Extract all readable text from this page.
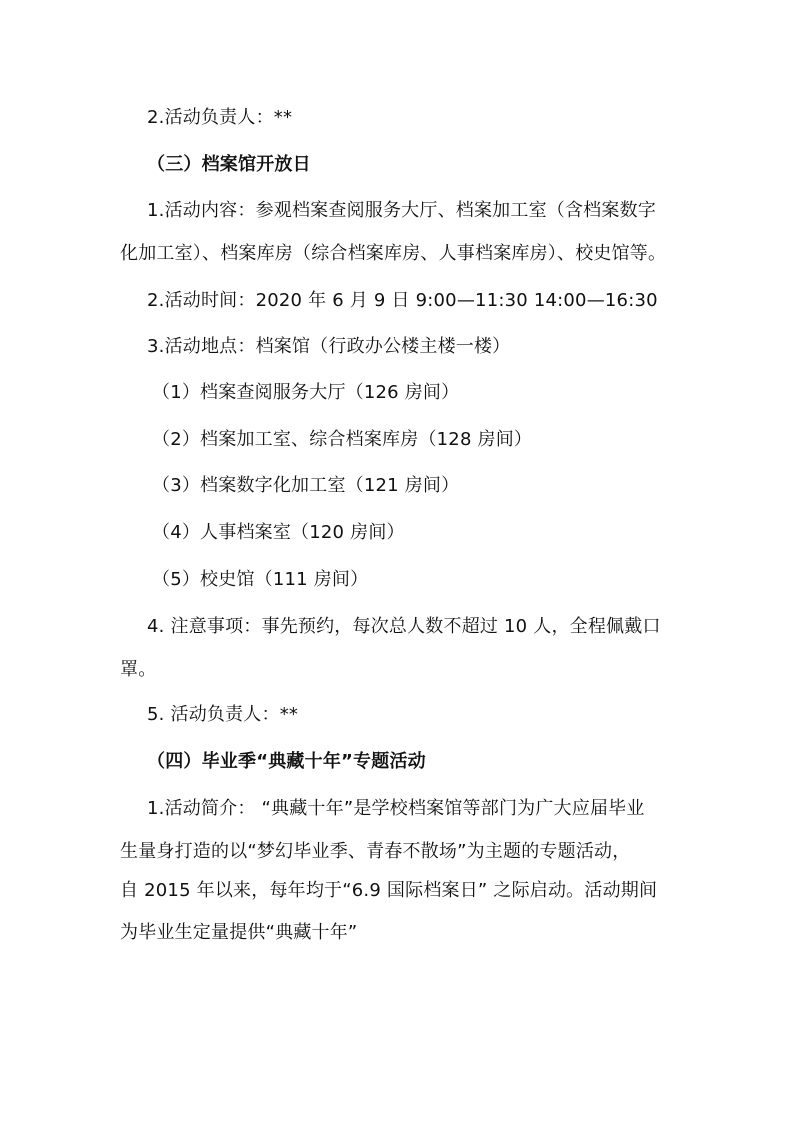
2.活动负责人：**
（三）档案馆开放日
1.活动内容：参观档案查阅服务大厅、档案加工室（含档案数字
化加工室）、档案库房（综合档案库房、人事档案库房）、校史馆等。
2.活动时间：2020 年 6 月 9 日 9:00—11:30 14:00—16:30
3.活动地点：档案馆（行政办公楼主楼一楼）
（1）档案查阅服务大厅（126 房间）
（2）档案加工室、综合档案库房（128 房间）
（3）档案数字化加工室（121 房间）
（4）人事档案室（120 房间）
（5）校史馆（111 房间）
4. 注意事项：事先预约，每次总人数不超过 10 人，全程佩戴口
罩。
5. 活动负责人：**
（四）毕业季“典藏十年”专题活动
1.活动简介： “典藏十年”是学校档案馆等部门为广大应届毕业
生量身打造的以“梦幻毕业季、青春不散场”为主题的专题活动，
自 2015 年以来，每年均于“6.9 国际档案日” 之际启动。活动期间
为毕业生定量提供“典藏十年”
